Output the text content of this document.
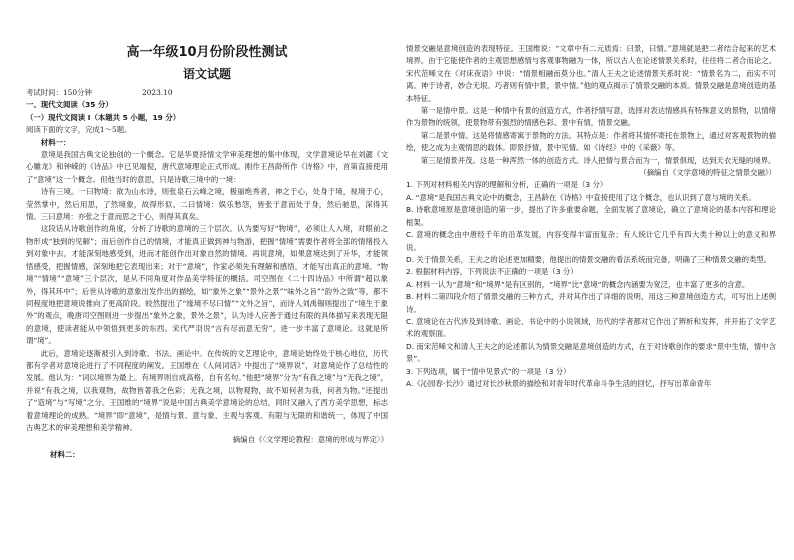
高一年级10月份阶段性测试
语文试题
考试时间：150分钟	2023.10
一、现代文阅读（35 分）
（一）现代文阅读 I（本题共 5 小题，19 分）
阅读下面的文字，完成1～5题。
材料一：

意境是我国古典文论独创的一个概念。它是华夏持情文学审美理想的集中体现，文学意境论早在刘勰《文心雕龙》和钟嵘的《诗品》中已见端倪，唐代意境理论正式形成。刚作王昌龄所作《诗格》中，首第直接使用了“意境”这一个概念。但他当时的意思，只是诗歌三境中的一境：

诗有三境。一曰物境：欲为山水诗，则张泉石云峰之境，极丽绝秀者，神之于心，处身于境，视境于心，莹然掌中，然后用思，了然境象，故得形似。二曰情境：娱乐愁怨，皆张于意而处于身，然后驰思，深得其情。三曰意境：亦张之于意而思之于心，则得其真矣。

这段话从诗歌创作的角度，分析了诗歌的意境的三个层次。认为要写好“物境”，必须让人入境，对眼前之物形成“独到的见解”；而后创作自己的情境，才能真正做到神与物游，把握“情境”需要作者将全部的情绪投入到对象中去，才能深刻地感受到，进而才能创作出对象自然的情境。再说意境，如果意境达到了升华，才能领悟感受，把握情感，深刻地把它表现出来；对于“意境”，作家必须先有理解和感悟，才能写出真正的意境。“物境”“情境”“意境”三个层次，是从不同角度对作品美学特征的概括。司空图在《二十四诗品》中所谓“超以象外，得其环中”；后世从诗歌的意象出发作出的描绘，如“象外之象”“景外之景”“味外之旨”“韵外之致”等，都不同程度地把意境说推向了更高阶段。皎然提出了“缘境不尽曰情”“文外之旨”，而诗人刘禹锡则提出了“境生于象外”的观点，晚唐司空图则进一步提出“象外之象，景外之景”，认为诗人应善于通过有限的具体描写来表现无限的意境，使读者能从中领悟到更多的东西。宋代严羽说“言有尽而意无穷”，进一步丰富了意境论。这就是所谓“境”。

此后，意境论逐渐被引入到诗歌、书法、画论中。在传统的文艺理论中，意境论始终处于核心地位，历代都有学者对意境论进行了不同程度的阐发。王国维在《人间词话》中提出了“境界说”，对意境论作了总结性的发展。他认为：“词以境界为最上。有境界则自成高格，自有名句。”他把“境界”分为“有我之境”与“无我之境”，并说“有我之境，以我观物，故物皆著我之色彩；无我之境，以物观物，故不知何者为我，何者为物。”还提出了“造境”与“写境”之分。王国维的“境界”说是中国古典美学意境论的总结，同时又融入了西方美学思想，标志着意境理论的成熟。“境界”即“意境”，是情与景、意与象、主观与客观、有限与无限的和谐统一，体现了中国古典艺术的审美理想和美学精神。

摘编自《〈文学理论教程：意境的形成与界定〉》

材料二：

情景交融是意境创造的表现特征。王国维说：“文章中有二元质焉：曰景，曰情。”意境就是把二者结合起来的艺术境界。由于它能使作者的主观思想感情与客观事物融为一体，所以古人在论述情景关系时，往往将二者合而论之。宋代范晞文在《对床夜语》中说：“情景相融而莫分也。”清人王夫之论述情景关系时说：“情景名为二，而实不可离。神于诗者，妙合无垠。巧者则有情中景，景中情。”他的观点揭示了情景交融的本质。情景交融是意境创造的基本特征。

第一是情中景。这是一种情中有景的创造方式，作者抒情写意，选择对表达情感具有特殊意义的景物，以情绪作为景物的统领，使景物带有强烈的情感色彩。景中有情，情景交融。

第二是景中情。这是将情感寄寓于景物的方法。其特点是：作者将其情怀寄托在景物上，通过对客观景物的描绘，使之成为主观情思的载体。即景抒情，景中见情。如《诗经》中的《采薇》等。

第三是情景并茂。这是一种浑然一体的创造方式。诗人把情与景合而为一，情景俱现，达到天衣无缝的境界。

（摘编自《文学意境的特征之情景交融》）

1. 下列对材料相关内容的理解和分析，正确的一项是（3 分）

A. “意境”是我国古典文论中的概念，王昌龄在《诗格》中直接使用了这个概念，也认识到了意与境的关系。

B. 诗歌意境原是意境创造的第一步，提出了许多重要命题，全面发展了意境论，确立了意境论的基本内容和理论框架。

C. 意境的概念由中唐经千年的沿革发展，内容变得丰富而复杂；有人统计它几乎有四大类十种以上的意义和界说。

D. 关于情景关系，王夫之的论述更加精要，他提出的情景交融的看法系统而完备，明确了三种情景交融的类型。

2. 根据材料内容，下列说法不正确的一项是（3 分）

A. 材料一认为“意境”和“境界”是有区别的，“境界”比“意境”的概念内涵要为宽泛，也丰富了更多的含意。

B. 材料二第四段介绍了情景交融的三种方式，并对其作出了详细的说明，用这三种意境创造方式，可写出上述例诗。

C. 意境论在古代涉及到诗歌、画论、书论中的小说领域，历代的学者都对它作出了辨析和发挥，并开拓了文学艺术的观察面。

D. 南宋范晞文和清人王夫之的论述都认为情景交融是意境创造的方式，在于对诗歌创作的要求“景中生情，情中含景”。

3. 下列选项，属于“情中见景式”的一项是（3 分）

A.《沁园春·长沙》通过对长沙秋景的描绘和对青年时代革命斗争生活的回忆，抒写出革命青年
